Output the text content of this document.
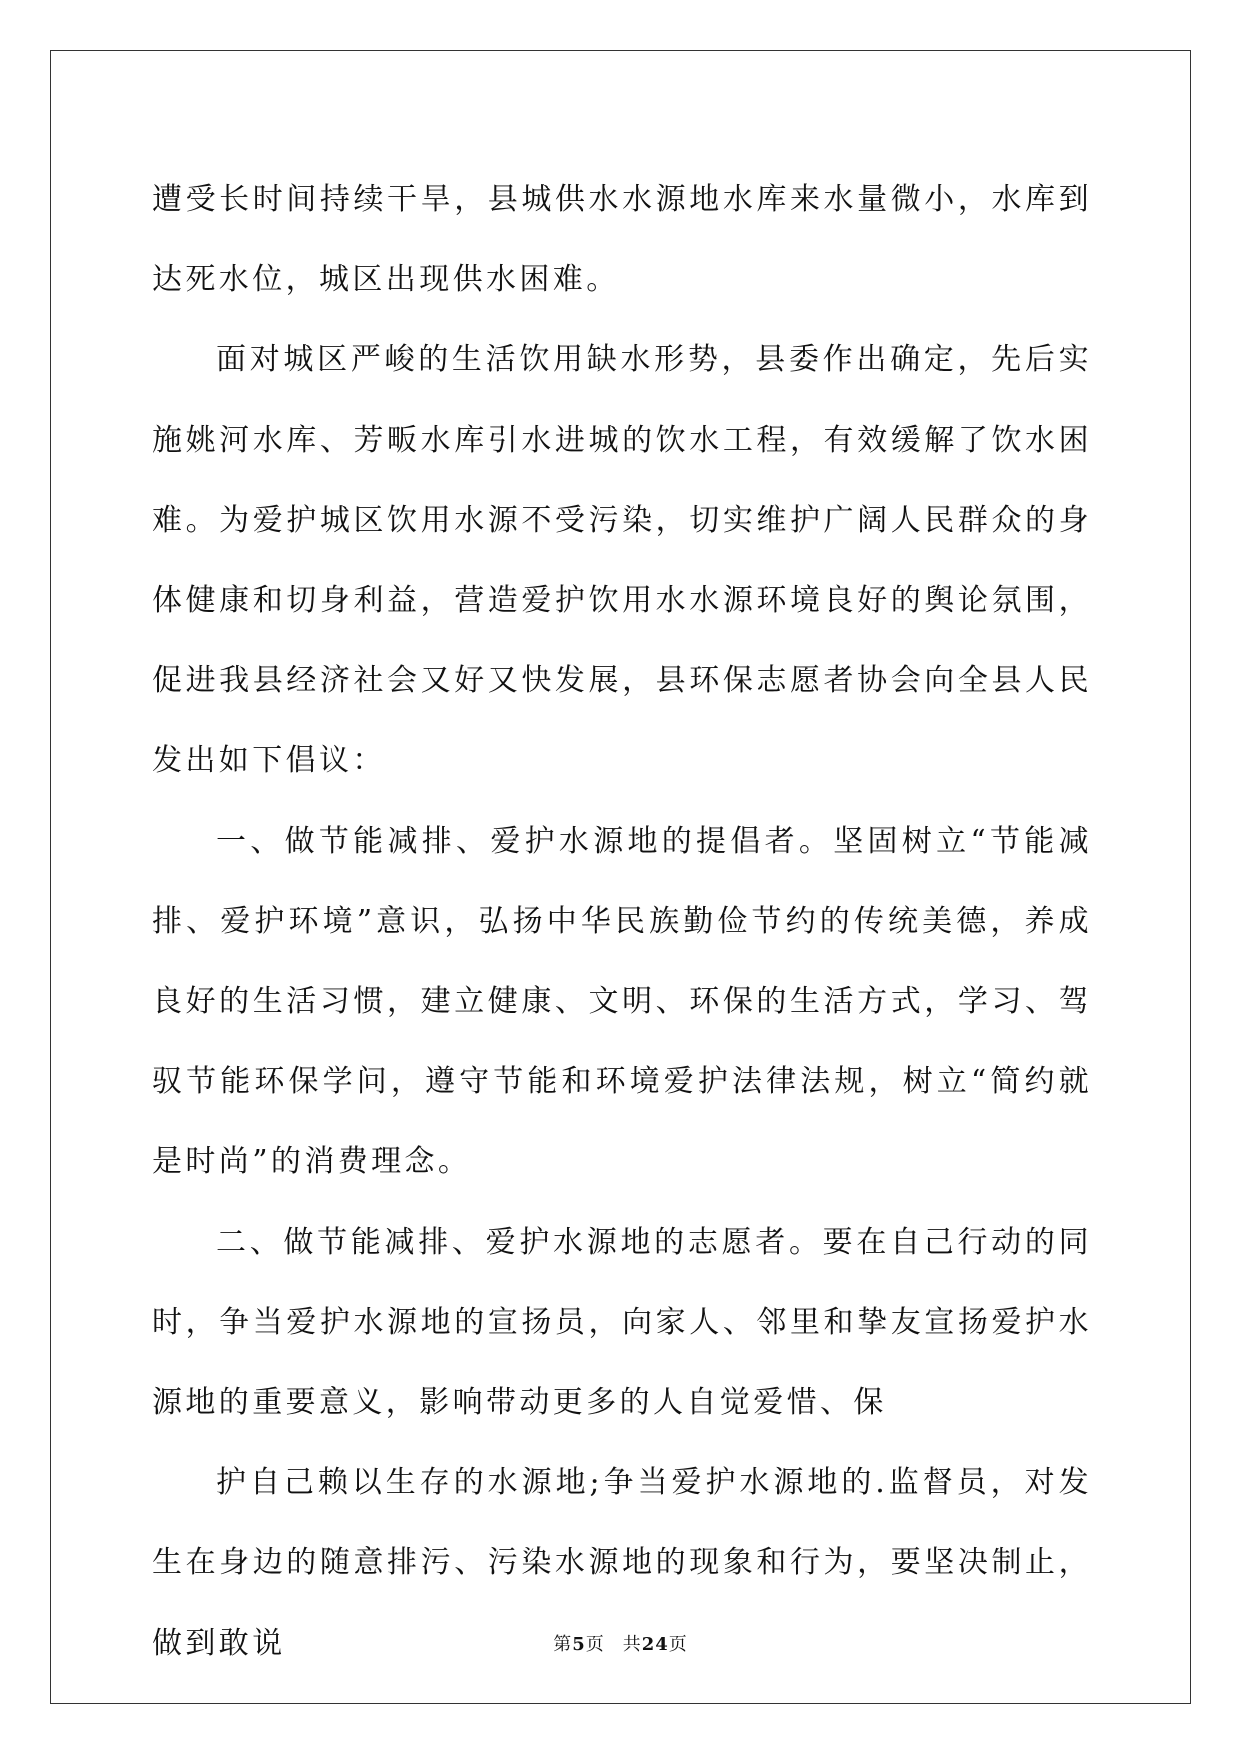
遭受长时间持续干旱，县城供水水源地水库来水量微小，水库到达死水位，城区出现供水困难。

面对城区严峻的生活饮用缺水形势，县委作出确定，先后实施姚河水库、芳畈水库引水进城的饮水工程，有效缓解了饮水困难。为爱护城区饮用水源不受污染，切实维护广阔人民群众的身体健康和切身利益，营造爱护饮用水水源环境良好的舆论氛围，促进我县经济社会又好又快发展，县环保志愿者协会向全县人民发出如下倡议：

一、做节能减排、爱护水源地的提倡者。坚固树立“节能减排、爱护环境”意识，弘扬中华民族勤俭节约的传统美德，养成良好的生活习惯，建立健康、文明、环保的生活方式，学习、驾驭节能环保学问，遵守节能和环境爱护法律法规，树立“简约就是时尚”的消费理念。

二、做节能减排、爱护水源地的志愿者。要在自己行动的同时，争当爱护水源地的宣扬员，向家人、邻里和挚友宣扬爱护水源地的重要意义，影响带动更多的人自觉爱惜、保

护自己赖以生存的水源地;争当爱护水源地的.监督员，对发生在身边的随意排污、污染水源地的现象和行为，要坚决制止，做到敢说	第5页 共24页
